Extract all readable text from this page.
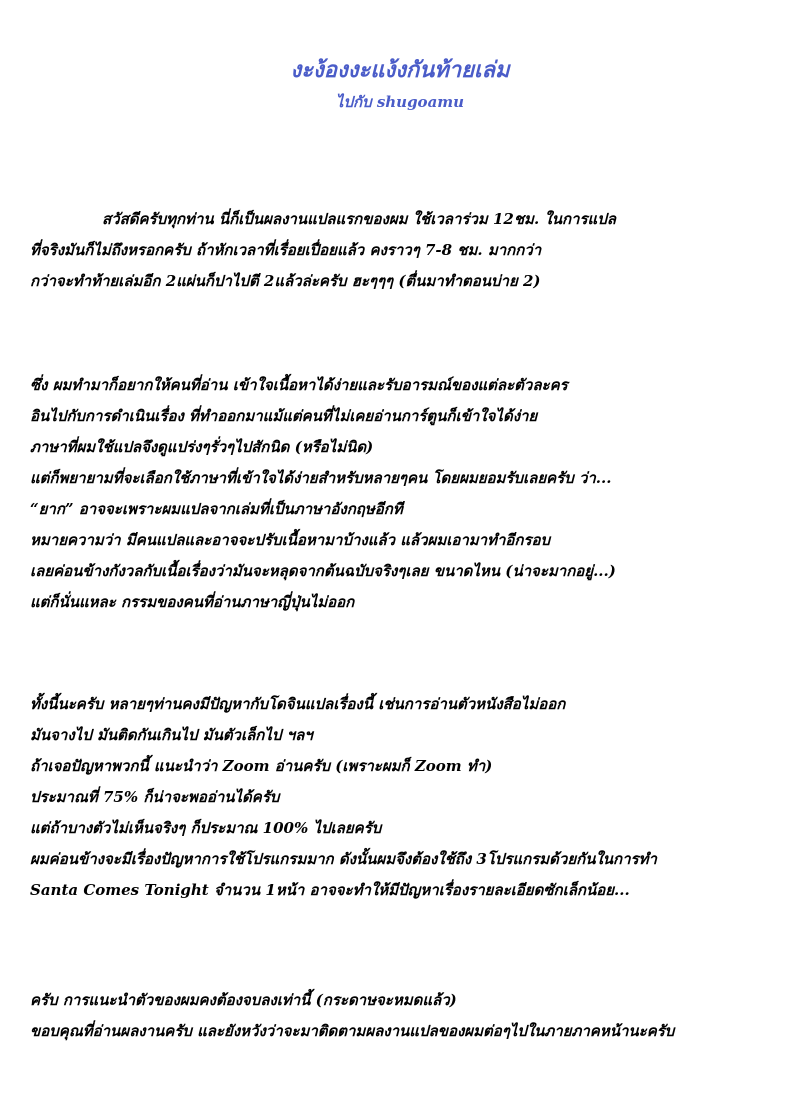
งะง้องงะแง้งกันท้ายเล่ม
ไปกับ shugoamu
สวัสดีครับทุกท่าน นี่ก็เป็นผลงานแปลแรกของผม ใช้เวลาร่วม 12ชม. ในการแปล
ที่จริงมันก็ไม่ถึงหรอกครับ ถ้าหักเวลาที่เรื่อยเปื่อยแล้ว คงราวๆ 7-8 ชม. มากกว่า
กว่าจะทำท้ายเล่มอีก 2แผ่นก็ปาไปตี 2แล้วล่ะครับ ฮะๆๆๆ (ตื่นมาทำตอนบ่าย 2)
ซึ่ง ผมทำมาก็อยากให้คนที่อ่าน เข้าใจเนื้อหาได้ง่ายและรับอารมณ์ของแต่ละตัวละคร
อินไปกับการดำเนินเรื่อง ที่ทำออกมาแม้แต่คนที่ไม่เคยอ่านการ์ตูนก็เข้าใจได้ง่าย
ภาษาที่ผมใช้แปลจึงดูแปร่งๆรั่วๆไปสักนิด (หรือไม่นิด)
แต่ก็พยายามที่จะเลือกใช้ภาษาที่เข้าใจได้ง่ายสำหรับหลายๆคน โดยผมยอมรับเลยครับ ว่า...
“ยาก” อาจจะเพราะผมแปลจากเล่มที่เป็นภาษาอังกฤษอีกที
หมายความว่า มีคนแปลและอาจจะปรับเนื้อหามาบ้างแล้ว แล้วผมเอามาทำอีกรอบ
เลยค่อนข้างกังวลกับเนื้อเรื่องว่ามันจะหลุดจากต้นฉบับจริงๆเลย ขนาดไหน (น่าจะมากอยู่...)
แต่ก็นั่นแหละ กรรมของคนที่อ่านภาษาญี่ปุ่นไม่ออก
ทั้งนี้นะครับ หลายๆท่านคงมีปัญหากับโดจินแปลเรื่องนี้ เช่นการอ่านตัวหนังสือไม่ออก
มันจางไป มันติดกันเกินไป มันตัวเล็กไป ฯลฯ
ถ้าเจอปัญหาพวกนี้ แนะนำว่า Zoom อ่านครับ (เพราะผมก็ Zoom ทำ)
ประมาณที่ 75% ก็น่าจะพออ่านได้ครับ
แต่ถ้าบางตัวไม่เห็นจริงๆ ก็ประมาณ 100% ไปเลยครับ
ผมค่อนข้างจะมีเรื่องปัญหาการใช้โปรแกรมมาก ดังนั้นผมจึงต้องใช้ถึง 3โปรแกรมด้วยกันในการทำ
Santa Comes Tonight จำนวน 1หน้า อาจจะทำให้มีปัญหาเรื่องรายละเอียดซักเล็กน้อย...
ครับ การแนะนำตัวของผมคงต้องจบลงเท่านี้ (กระดาษจะหมดแล้ว)
ขอบคุณที่อ่านผลงานครับ และยังหวังว่าจะมาติดตามผลงานแปลของผมต่อๆไปในภายภาคหน้านะครับ
